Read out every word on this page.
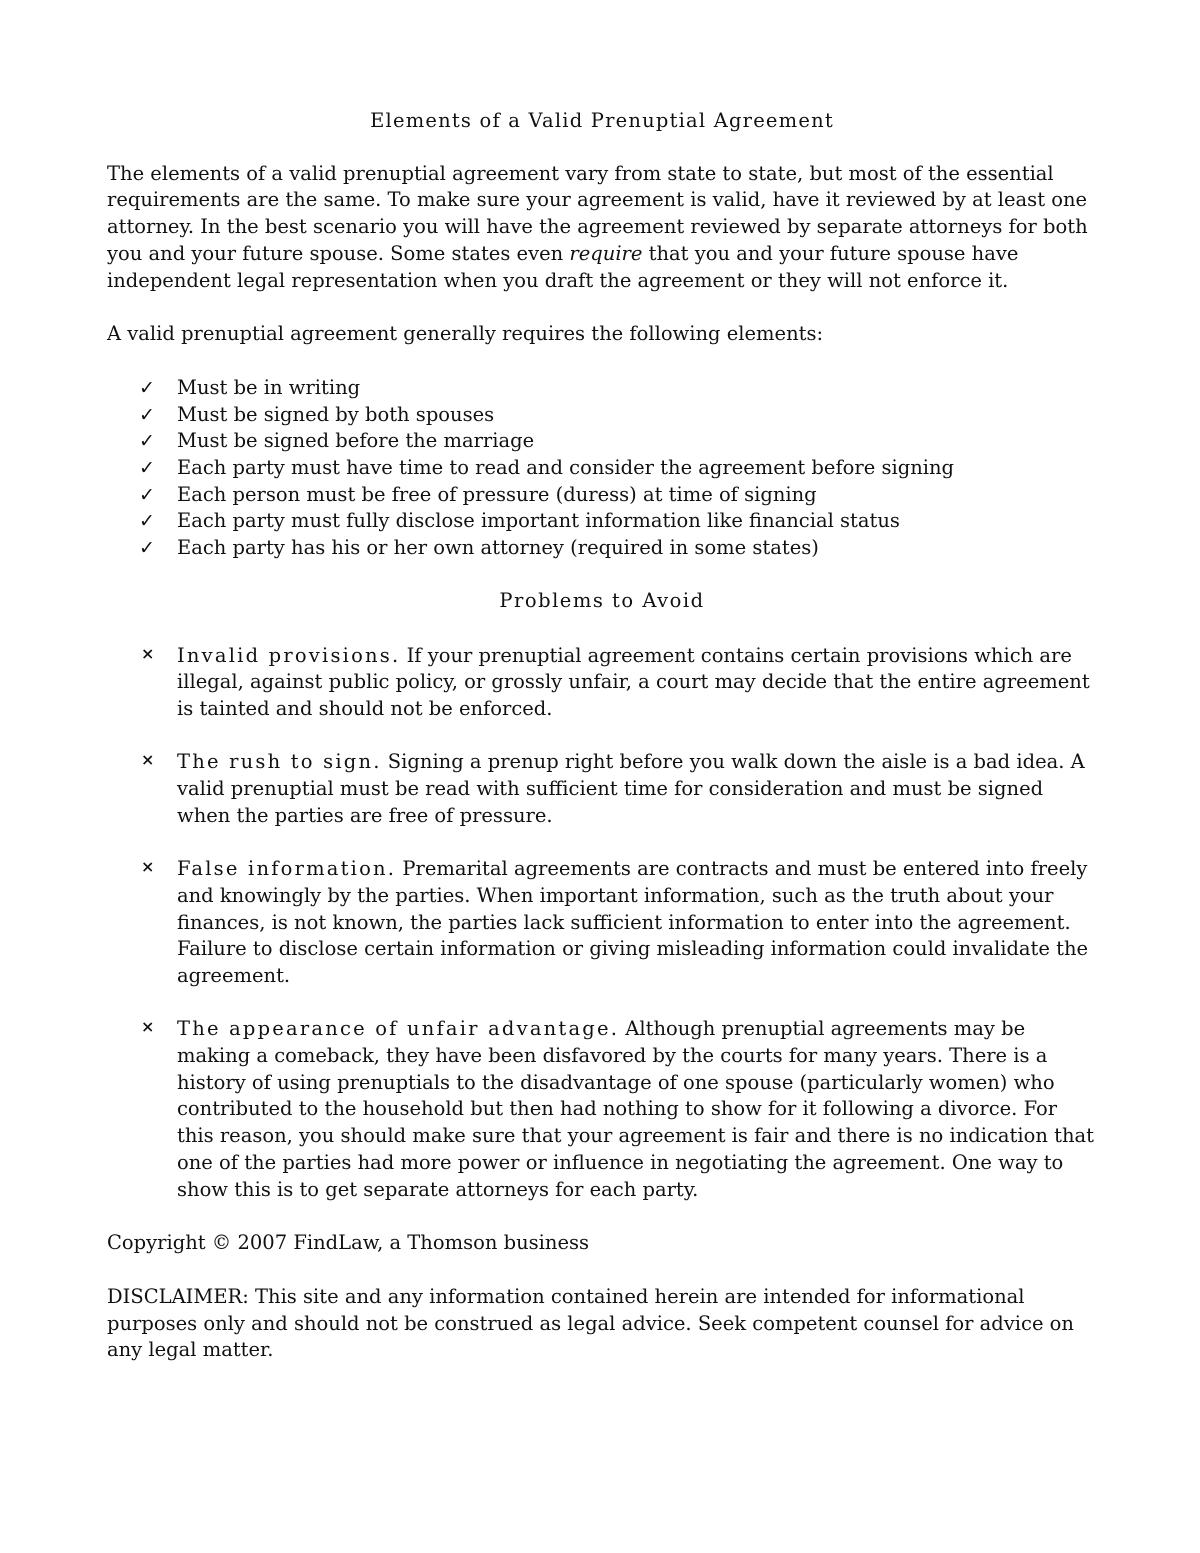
Elements of a Valid Prenuptial Agreement

The elements of a valid prenuptial agreement vary from state to state, but most of the essential requirements are the same. To make sure your agreement is valid, have it reviewed by at least one attorney. In the best scenario you will have the agreement reviewed by separate attorneys for both you and your future spouse. Some states even require that you and your future spouse have independent legal representation when you draft the agreement or they will not enforce it.

A valid prenuptial agreement generally requires the following elements:

✓ Must be in writing
✓ Must be signed by both spouses
✓ Must be signed before the marriage
✓ Each party must have time to read and consider the agreement before signing
✓ Each person must be free of pressure (duress) at time of signing
✓ Each party must fully disclose important information like financial status
✓ Each party has his or her own attorney (required in some states)
Problems to Avoid
× Invalid provisions. If your prenuptial agreement contains certain provisions which are illegal, against public policy, or grossly unfair, a court may decide that the entire agreement is tainted and should not be enforced.
× The rush to sign. Signing a prenup right before you walk down the aisle is a bad idea. A valid prenuptial must be read with sufficient time for consideration and must be signed when the parties are free of pressure.
× False information. Premarital agreements are contracts and must be entered into freely and knowingly by the parties. When important information, such as the truth about your finances, is not known, the parties lack sufficient information to enter into the agreement. Failure to disclose certain information or giving misleading information could invalidate the agreement.
× The appearance of unfair advantage. Although prenuptial agreements may be making a comeback, they have been disfavored by the courts for many years. There is a history of using prenuptials to the disadvantage of one spouse (particularly women) who contributed to the household but then had nothing to show for it following a divorce. For this reason, you should make sure that your agreement is fair and there is no indication that one of the parties had more power or influence in negotiating the agreement. One way to show this is to get separate attorneys for each party.

Copyright © 2007 FindLaw, a Thomson business

DISCLAIMER: This site and any information contained herein are intended for informational purposes only and should not be construed as legal advice. Seek competent counsel for advice on any legal matter.
